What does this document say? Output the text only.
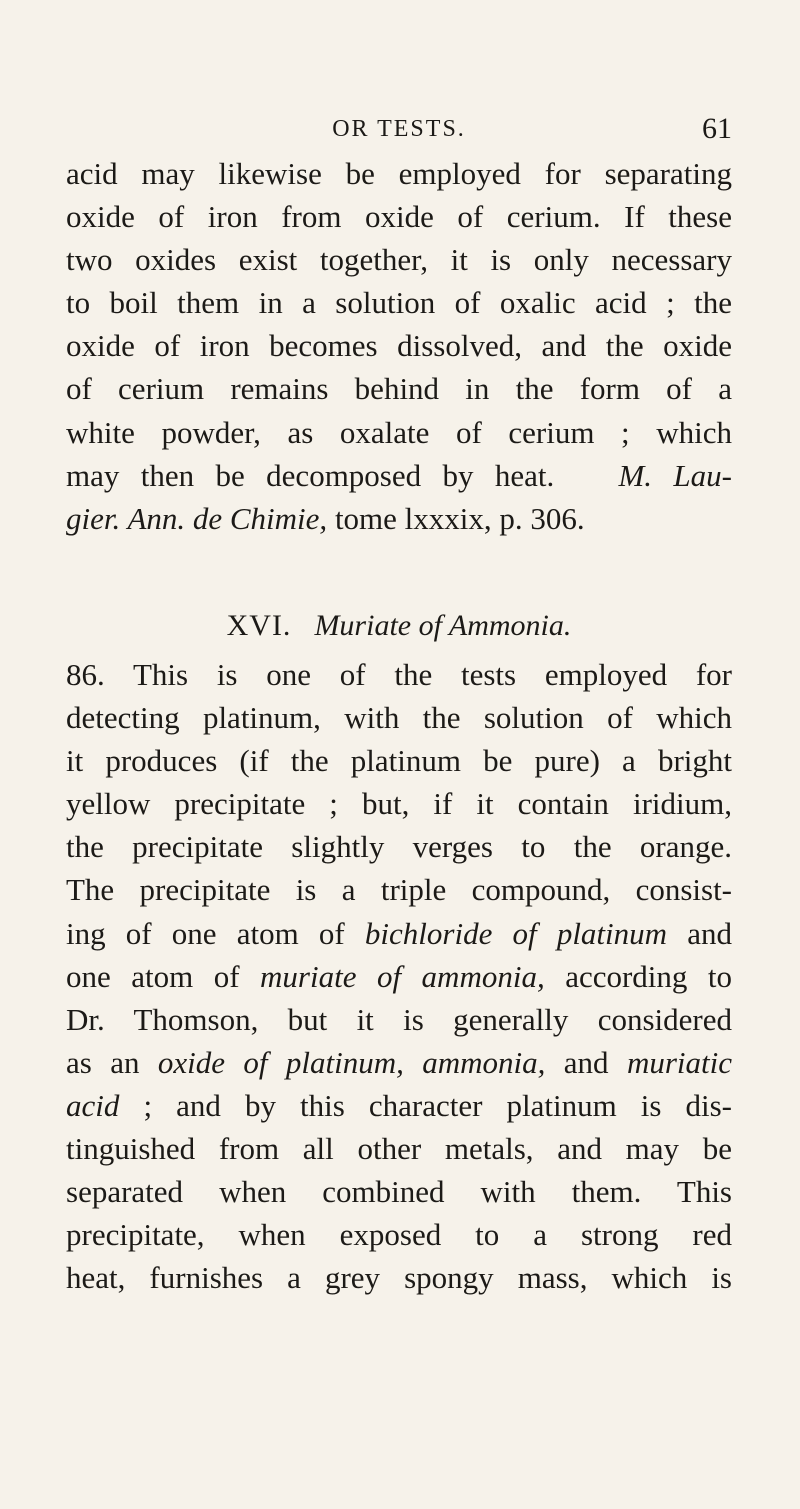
OR TESTS.	61
acid may likewise be employed for separating
oxide of iron from oxide of cerium. If these
two oxides exist together, it is only necessary
to boil them in a solution of oxalic acid ; the
oxide of iron becomes dissolved, and the oxide
of cerium remains behind in the form of a
white powder, as oxalate of cerium ; which
may then be decomposed by heat. M. Lau-
gier. Ann. de Chimie, tome lxxxix, p. 306.
XVI. Muriate of Ammonia.
86. This is one of the tests employed for
detecting platinum, with the solution of which
it produces (if the platinum be pure) a bright
yellow precipitate ; but, if it contain iridium,
the precipitate slightly verges to the orange.
The precipitate is a triple compound, consist-
ing of one atom of bichloride of platinum and
one atom of muriate of ammonia, according to
Dr. Thomson, but it is generally considered
as an oxide of platinum, ammonia, and muriatic
acid ; and by this character platinum is dis-
tinguished from all other metals, and may be
separated when combined with them. This
precipitate, when exposed to a strong red
heat, furnishes a grey spongy mass, which is
